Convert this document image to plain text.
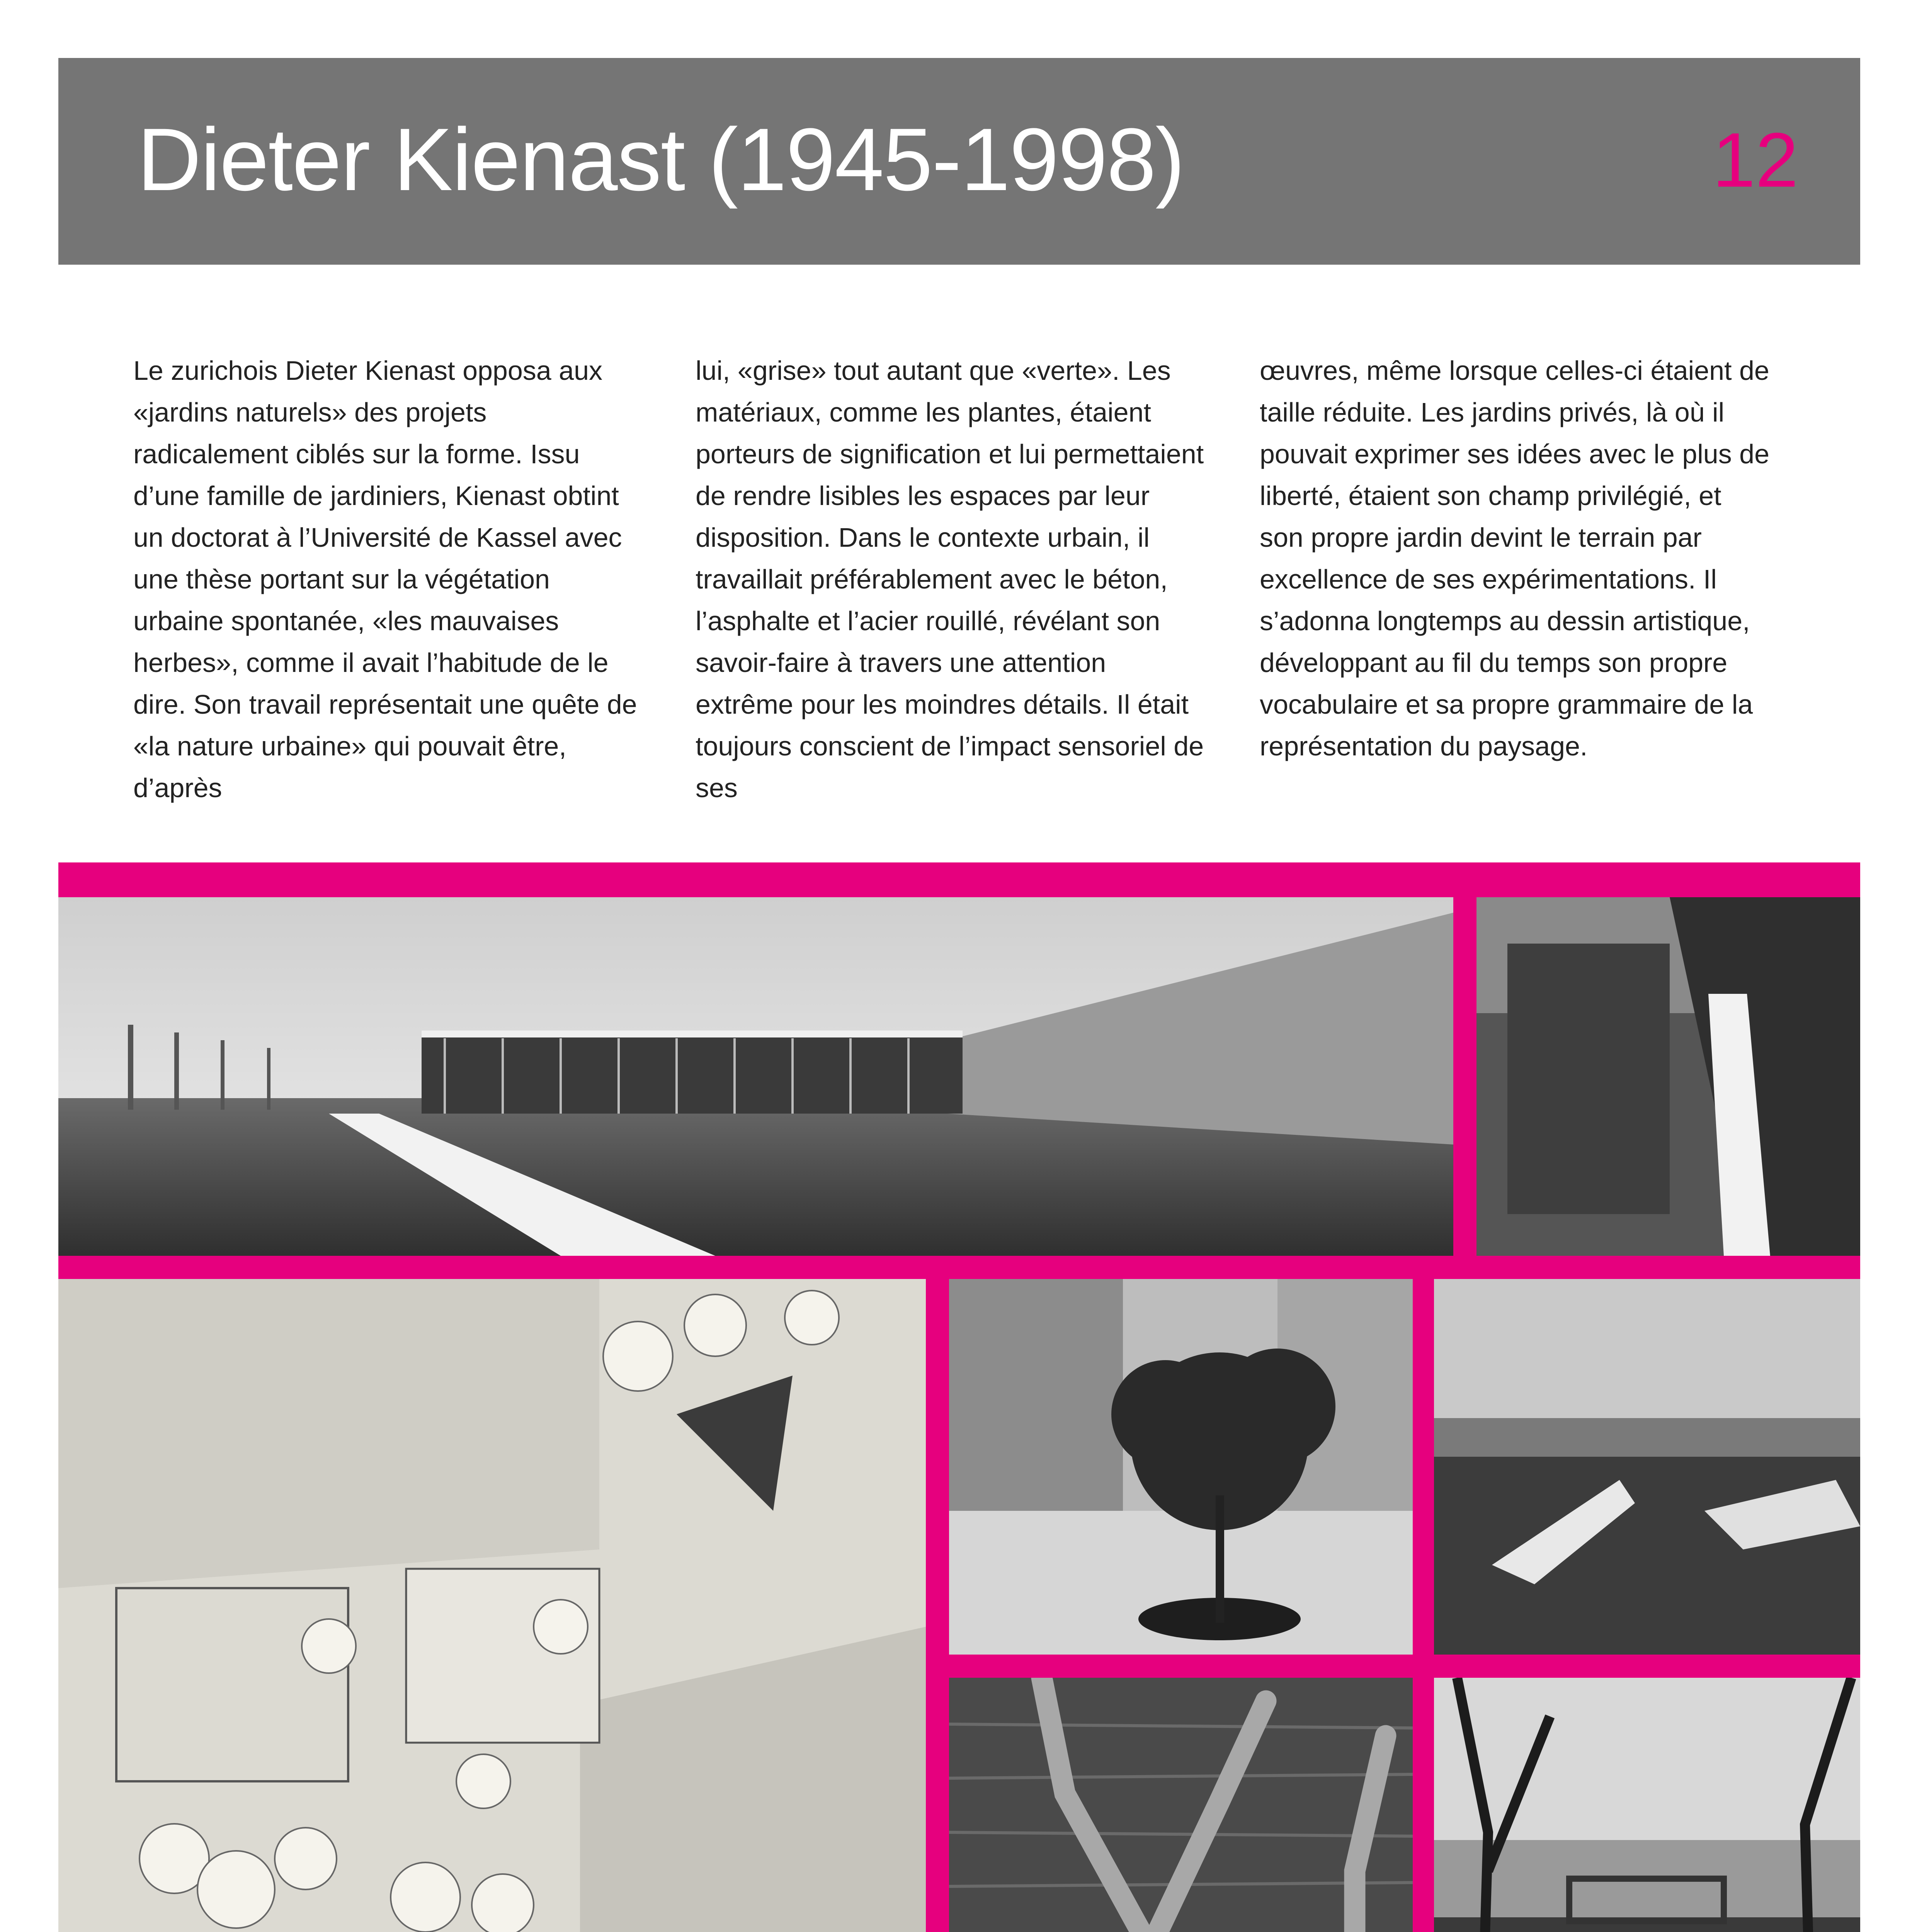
Dieter Kienast (1945-1998)	12

Le zurichois Dieter Kienast opposa aux «jardins naturels» des projets radicalement ciblés sur la forme. Issu d’une famille de jardiniers, Kienast obtint un doctorat à l’Université de Kassel avec une thèse portant sur la végétation urbaine spontanée, «les mauvaises herbes», comme il avait l’habitude de le dire. Son travail représentait une quête de «la nature urbaine» qui pouvait être, d’après

lui, «grise» tout autant que «verte». Les matériaux, comme les plantes, étaient porteurs de signification et lui permettaient de rendre lisibles les espaces par leur disposition. Dans le contexte urbain, il travaillait préférablement avec le béton, l’asphalte et l’acier rouillé, révélant son savoir-faire à travers une attention extrême pour les moindres détails. Il était toujours conscient de l’impact sensoriel de ses

œuvres, même lorsque celles-ci étaient de taille réduite. Les jardins privés, là où il pouvait exprimer ses idées avec le plus de liberté, étaient son champ privilégié, et son propre jardin devint le terrain par excellence de ses expérimentations. Il s’adonna longtemps au dessin artistique, développant au fil du temps son propre vocabulaire et sa propre grammaire de la représentation du paysage.
